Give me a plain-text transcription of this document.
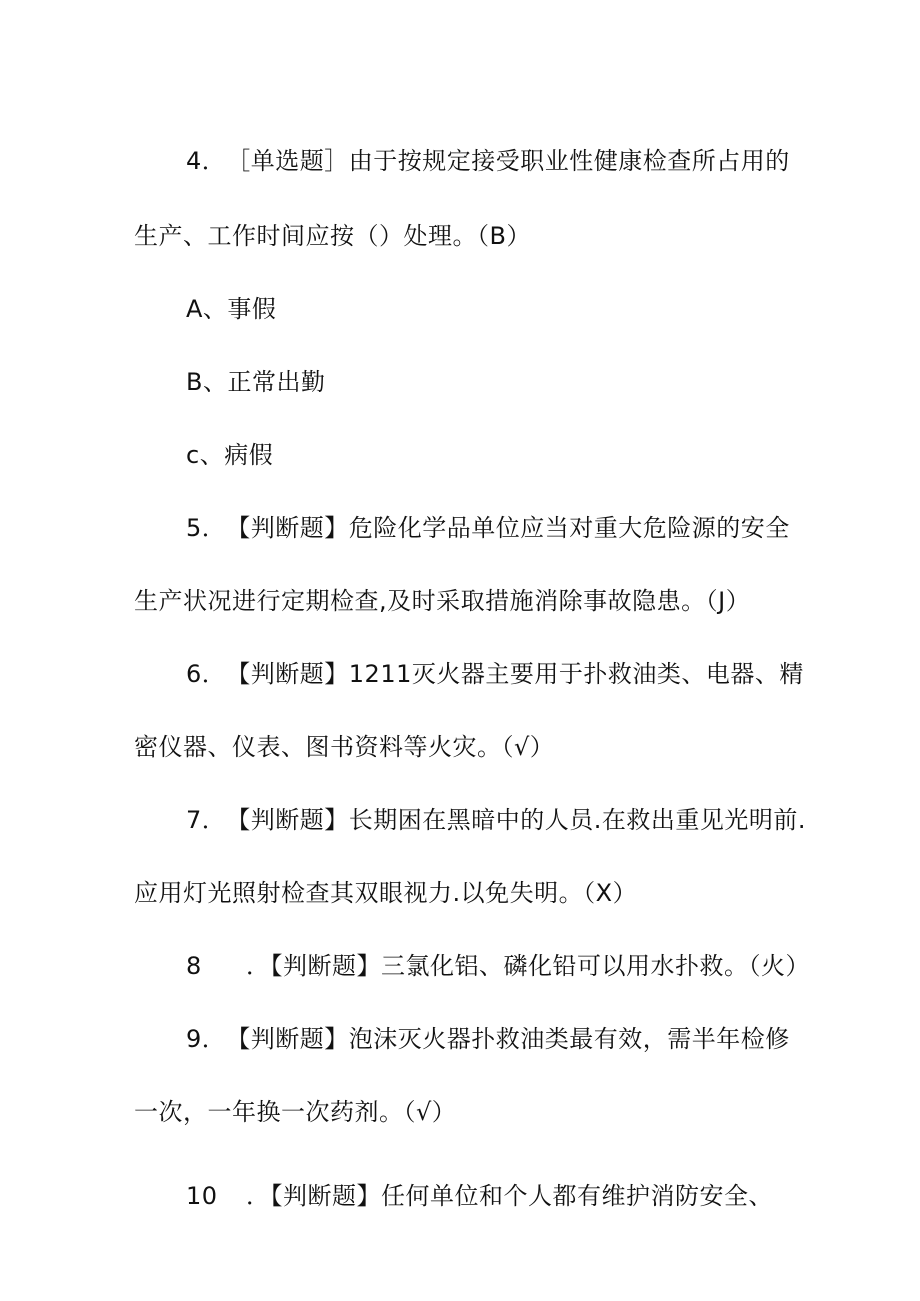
4．［单选题］由于按规定接受职业性健康检查所占用的
生产、工作时间应按（）处理。（B）
A、事假
B、正常出勤
c、病假
5．【判断题】危险化学品单位应当对重大危险源的安全
生产状况进行定期检查,及时采取措施消除事故隐患。（J）
6．【判断题】1211灭火器主要用于扑救油类、电器、精
密仪器、仪表、图书资料等火灾。（√）
7．【判断题】长期困在黑暗中的人员.在救出重见光明前.
应用灯光照射检查其双眼视力.以免失明。（X）
8 ．【判断题】三氯化铝、磷化铅可以用水扑救。（火）
9．【判断题】泡沫灭火器扑救油类最有效，需半年检修
一次，一年换一次药剂。（√）
10 ．【判断题】任何单位和个人都有维护消防安全、
